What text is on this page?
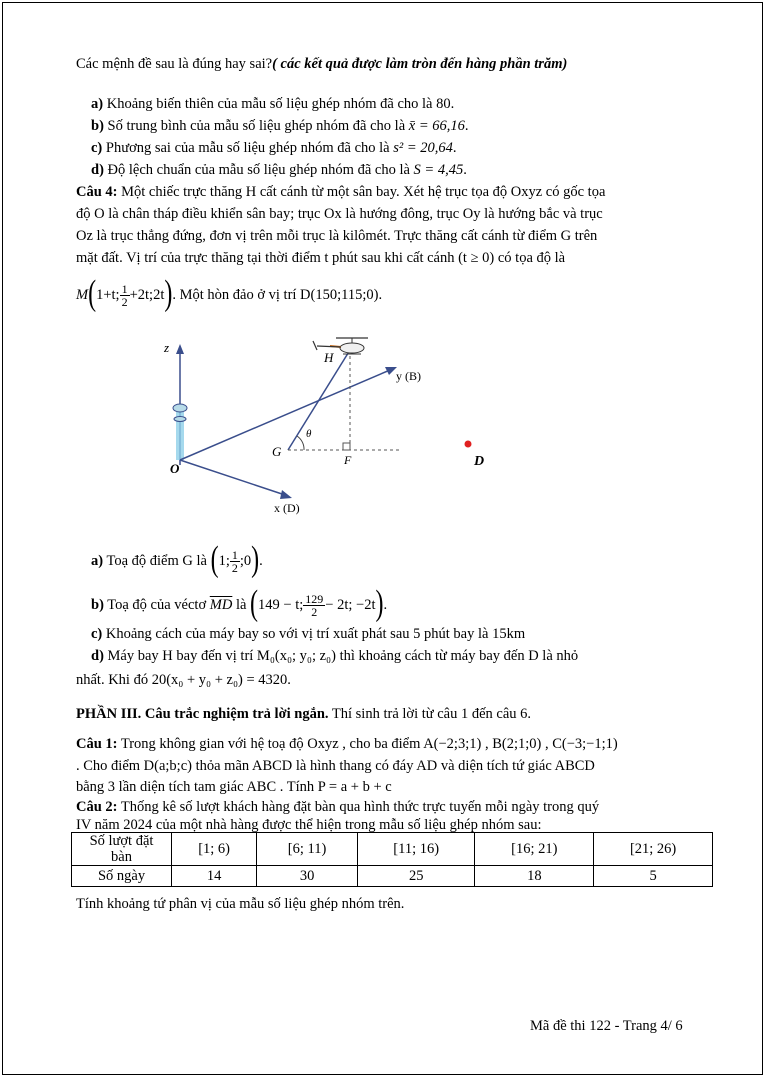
Các mệnh đề sau là đúng hay sai?( các kết quả được làm tròn đến hàng phần trăm)
a) Khoảng biến thiên của mẫu số liệu ghép nhóm đã cho là 80.
b) Số trung bình của mẫu số liệu ghép nhóm đã cho là x̄ = 66,16.
c) Phương sai của mẫu số liệu ghép nhóm đã cho là s² = 20,64.
d) Độ lệch chuẩn của mẫu số liệu ghép nhóm đã cho là S = 4,45.
Câu 4: Một chiếc trực thăng H cất cánh từ một sân bay. Xét hệ trục tọa độ Oxyz có gốc tọa
độ O là chân tháp điều khiển sân bay; trục Ox là hướng đông, trục Oy là hướng bắc và trục
Oz là trục thẳng đứng, đơn vị trên mỗi trục là kilômét. Trực thăng cất cánh từ điểm G trên
mặt đất. Vị trí của trực thăng tại thời điểm t phút sau khi cất cánh (t ≥ 0) có tọa độ là
M(1+t; $\frac{1}{2}$ +2t;2t). Một hòn đảo ở vị trí D(150;115;0).
z
O
y (B)
x (D)
θ
G
F
H
D
a) Toạ độ điểm G là (1; $\frac{1}{2}$ ;0).
b) Toạ độ của véctơ $\overline{MD}$ là (149 − t; $\frac{129}{2} - 2t$; −2t).
c) Khoảng cách của máy bay so với vị trí xuất phát sau 5 phút bay là 15km
d) Máy bay H bay đến vị trí M₀(x₀; y₀; z₀) thì khoảng cách từ máy bay đến D là nhỏ
nhất. Khi đó 20(x₀ + y₀ + z₀) = 4320.
PHẦN III. Câu trắc nghiệm trả lời ngắn. Thí sinh trả lời từ câu 1 đến câu 6.
Câu 1: Trong không gian với hệ toạ độ Oxyz , cho ba điểm A(−2;3;1) , B(2;1;0) , C(−3;−1;1)
. Cho điểm D(a;b;c) thỏa mãn ABCD là hình thang có đáy AD và diện tích tứ giác ABCD
bằng 3 lần diện tích tam giác ABC . Tính P = a + b + c
Câu 2: Thống kê số lượt khách hàng đặt bàn qua hình thức trực tuyến mỗi ngày trong quý
IV năm 2024 của một nhà hàng được thể hiện trong mẫu số liệu ghép nhóm sau:
Số lượt đặt
bàn	[1; 6)	[6; 11)	[11; 16)	[16; 21)	[21; 26)
Số ngày	14	30	25	18	5
Tính khoảng tứ phân vị của mẫu số liệu ghép nhóm trên.
Mã đề thi 122 - Trang 4/ 6
